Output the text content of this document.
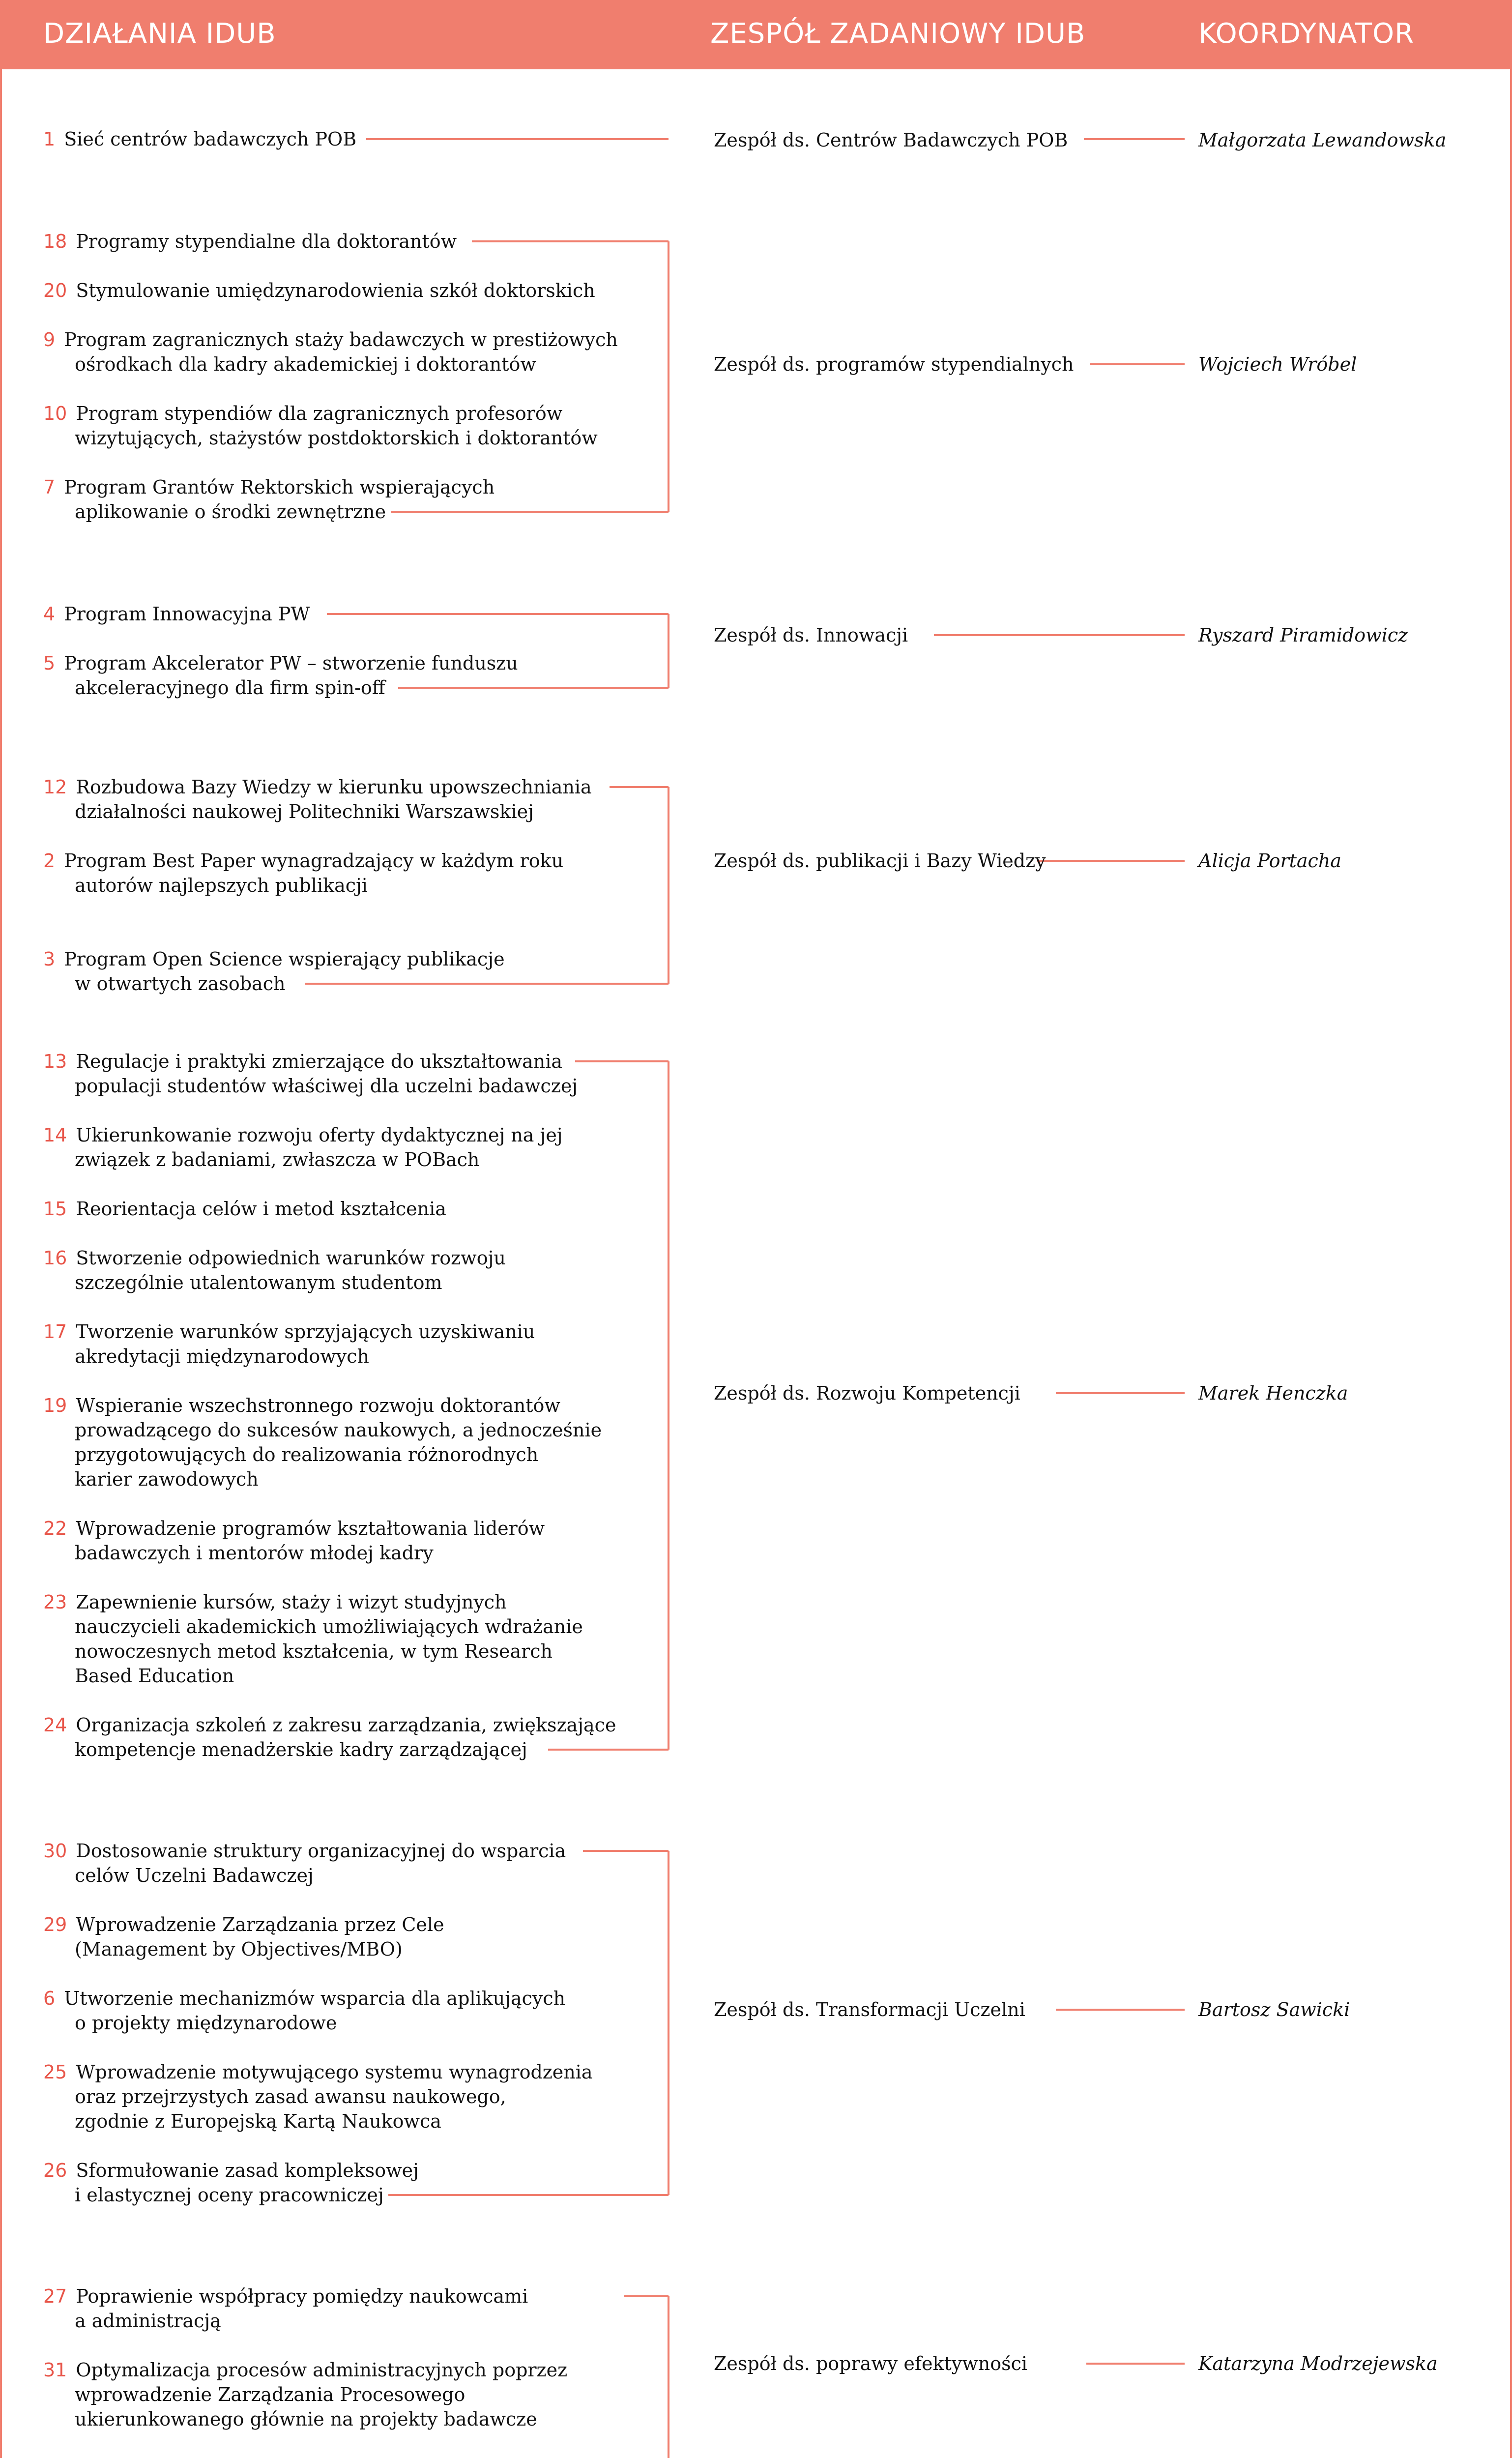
DZIAŁANIA IDUB	ZESPÓŁ ZADANIOWY IDUB	KOORDYNATOR
1 Sieć centrów badawczych POB	Zespół ds. Centrów Badawczych POB	Małgorzata Lewandowska
18 Programy stypendialne dla doktorantów
20 Stymulowanie umiędzynarodowienia szkół doktorskich
9 Program zagranicznych staży badawczych w prestiżowych
ośrodkach dla kadry akademickiej i doktorantów
10 Program stypendiów dla zagranicznych profesorów
wizytujących, stażystów postdoktorskich i doktorantów
7 Program Grantów Rektorskich wspierających
aplikowanie o środki zewnętrzne
Zespół ds. programów stypendialnych	Wojciech Wróbel
4 Program Innowacyjna PW
5 Program Akcelerator PW – stworzenie funduszu
akceleracyjnego dla firm spin-off
Zespół ds. Innowacji	Ryszard Piramidowicz
12 Rozbudowa Bazy Wiedzy w kierunku upowszechniania
działalności naukowej Politechniki Warszawskiej
2 Program Best Paper wynagradzający w każdym roku
autorów najlepszych publikacji
3 Program Open Science wspierający publikacje
w otwartych zasobach
Zespół ds. publikacji i Bazy Wiedzy	Alicja Portacha
13 Regulacje i praktyki zmierzające do ukształtowania
populacji studentów właściwej dla uczelni badawczej
14 Ukierunkowanie rozwoju oferty dydaktycznej na jej
związek z badaniami, zwłaszcza w POBach
15 Reorientacja celów i metod kształcenia
16 Stworzenie odpowiednich warunków rozwoju
szczególnie utalentowanym studentom
17 Tworzenie warunków sprzyjających uzyskiwaniu
akredytacji międzynarodowych
19 Wspieranie wszechstronnego rozwoju doktorantów
prowadzącego do sukcesów naukowych, a jednocześnie
przygotowujących do realizowania różnorodnych
karier zawodowych
22 Wprowadzenie programów kształtowania liderów
badawczych i mentorów młodej kadry
23 Zapewnienie kursów, staży i wizyt studyjnych
nauczycieli akademickich umożliwiających wdrażanie
nowoczesnych metod kształcenia, w tym Research
Based Education
24 Organizacja szkoleń z zakresu zarządzania, zwiększające
kompetencje menadżerskie kadry zarządzającej
Zespół ds. Rozwoju Kompetencji	Marek Henczka
30 Dostosowanie struktury organizacyjnej do wsparcia
celów Uczelni Badawczej
29 Wprowadzenie Zarządzania przez Cele
(Management by Objectives/MBO)
6 Utworzenie mechanizmów wsparcia dla aplikujących
o projekty międzynarodowe
25 Wprowadzenie motywującego systemu wynagrodzenia
oraz przejrzystych zasad awansu naukowego,
zgodnie z Europejską Kartą Naukowca
26 Sformułowanie zasad kompleksowej
i elastycznej oceny pracowniczej
Zespół ds. Transformacji Uczelni	Bartosz Sawicki
27 Poprawienie współpracy pomiędzy naukowcami
a administracją
31 Optymalizacja procesów administracyjnych poprzez
wprowadzenie Zarządzania Procesowego
ukierunkowanego głównie na projekty badawcze
Zespół ds. poprawy efektywności	Katarzyna Modrzejewska
